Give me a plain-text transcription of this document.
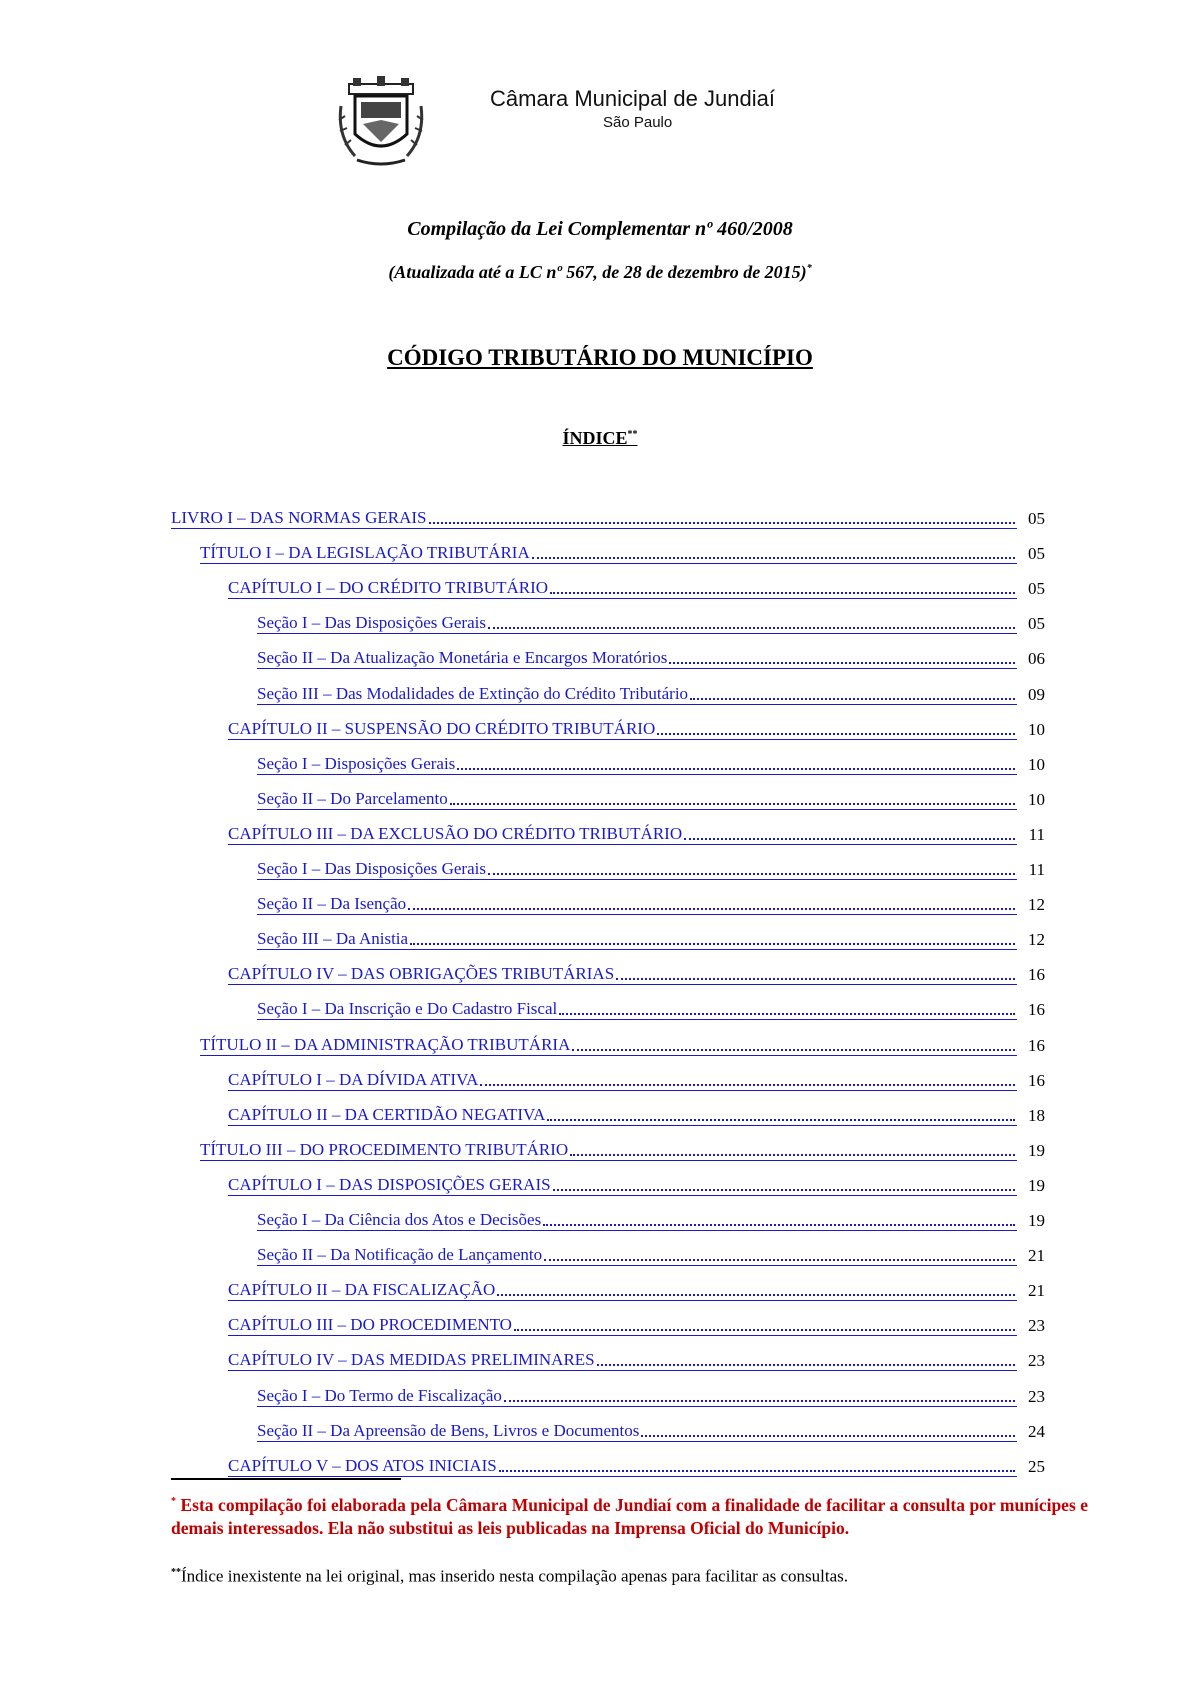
Câmara Municipal de Jundiaí
São Paulo
Compilação da Lei Complementar nº 460/2008
(Atualizada até a LC nº 567, de 28 de dezembro de 2015)*
CÓDIGO TRIBUTÁRIO DO MUNICÍPIO
ÍNDICE**
LIVRO I – DAS NORMAS GERAIS	05
TÍTULO I – DA LEGISLAÇÃO TRIBUTÁRIA	05
CAPÍTULO I – DO CRÉDITO TRIBUTÁRIO	05
Seção I – Das Disposições Gerais	05
Seção II – Da Atualização Monetária e Encargos Moratórios	06
Seção III – Das Modalidades de Extinção do Crédito Tributário	09
CAPÍTULO II – SUSPENSÃO DO CRÉDITO TRIBUTÁRIO	10
Seção I – Disposições Gerais	10
Seção II – Do Parcelamento	10
CAPÍTULO III – DA EXCLUSÃO DO CRÉDITO TRIBUTÁRIO	11
Seção I – Das Disposições Gerais	11
Seção II – Da Isenção	12
Seção III – Da Anistia	12
CAPÍTULO IV – DAS OBRIGAÇÕES TRIBUTÁRIAS	16
Seção I – Da Inscrição e Do Cadastro Fiscal	16
TÍTULO II – DA ADMINISTRAÇÃO TRIBUTÁRIA	16
CAPÍTULO I – DA DÍVIDA ATIVA	16
CAPÍTULO II – DA CERTIDÃO NEGATIVA	18
TÍTULO III – DO PROCEDIMENTO TRIBUTÁRIO	19
CAPÍTULO I – DAS DISPOSIÇÕES GERAIS	19
Seção I – Da Ciência dos Atos e Decisões	19
Seção II – Da Notificação de Lançamento	21
CAPÍTULO II – DA FISCALIZAÇÃO	21
CAPÍTULO III – DO PROCEDIMENTO	23
CAPÍTULO IV – DAS MEDIDAS PRELIMINARES	23
Seção I – Do Termo de Fiscalização	23
Seção II – Da Apreensão de Bens, Livros e Documentos	24
CAPÍTULO V – DOS ATOS INICIAIS	25
* Esta compilação foi elaborada pela Câmara Municipal de Jundiaí com a finalidade de facilitar a consulta por munícipes e demais interessados. Ela não substitui as leis publicadas na Imprensa Oficial do Município.
**Índice inexistente na lei original, mas inserido nesta compilação apenas para facilitar as consultas.
